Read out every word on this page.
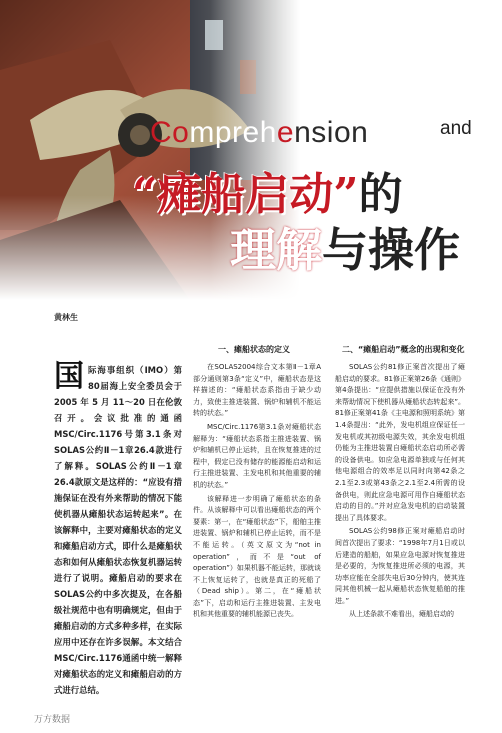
Comprehension	and
“瘫船启动”的
理解与操作
黄林生
国际海事组织（IMO）第80届海上安全委员会于2005 年 5 月 11～20 日在伦敦召开。会议批准的通函MSC/Circ.1176号第3.1条对SOLAS公约Ⅱ－1章26.4款进行了解释。SOLAS公约Ⅱ－1章26.4款原文是这样的：“应设有措施保证在没有外来帮助的情况下能使机器从瘫船状态运转起来”。在该解释中，主要对瘫船状态的定义和瘫船启动方式，即什么是瘫船状态和如何从瘫船状态恢复机器运转进行了说明。瘫船启动的要求在SOLAS公约中多次提及，在各船级社规范中也有明确规定，但由于瘫船启动的方式多种多样，在实际应用中还存在许多误解。本文结合MSC/Circ.1176通函中统一解释对瘫船状态的定义和瘫船启动的方式进行总结。
一、瘫船状态的定义

在SOLAS2004综合文本第Ⅱ－1章A部分通则第3条“定义”中，瘫船状态是这样描述的：“瘫船状态系指由于缺少动力，致使主推进装置、锅炉和辅机不能运转的状态。”

MSC/Circ.1176第3.1条对瘫船状态解释为：“瘫船状态系指主推进装置、锅炉和辅机已停止运转，且在恢复推进的过程中，假定已没有储存的能源能启动和运行主推进装置、主发电机和其他重要的辅机的状态。”

该解释进一步明确了瘫船状态的条件。从该解释中可以看出瘫船状态的两个要素：第一，在“瘫船状态”下，船舶主推进装置、锅炉和辅机已停止运转，而不是不能运转。（英文原文为“not in operation”，而不是“out of operation”）如果机器不能运转，那就谈不上恢复运转了，也就是真正的死船了（Dead ship）。第二，在“瘫船状态”下，启动和运行主推进装置、主发电机和其他重要的辅机能源已丧失。

二、“瘫船启动”概念的出现和变化

SOLAS公约81修正案首次提出了瘫船启动的要求。81修正案第26条《通则》第4条提出：“应提供措施以保证在没有外来帮助情况下使机器从瘫船状态转起来”。81修正案第41条《主电源和照明系统》第1.4条提出：“此外，发电机组应保证任一发电机或其初级电源失效，其余发电机组仍能为主推进装置自瘫船状态启动所必需的设备供电。如应急电源单独或与任何其他电源组合的效率足以同时向第42条之2.1至2.3或第43条之2.1至2.4所需的设备供电，则此应急电源可用作自瘫船状态启动的目的。”并对应急发电机的启动装置提出了具体要求。

SOLAS公约98修正案对瘫船启动时间首次提出了要求：“1998年7月1日或以后建造的船舶，如果应急电源对恢复推进是必要的，为恢复推进所必须的电源，其功率应能在全部失电后30分钟内，使其连同其他机械一起从瘫船状态恢复船舶的推进。”

从上述条款不难看出，瘫船启动的

万方数据
